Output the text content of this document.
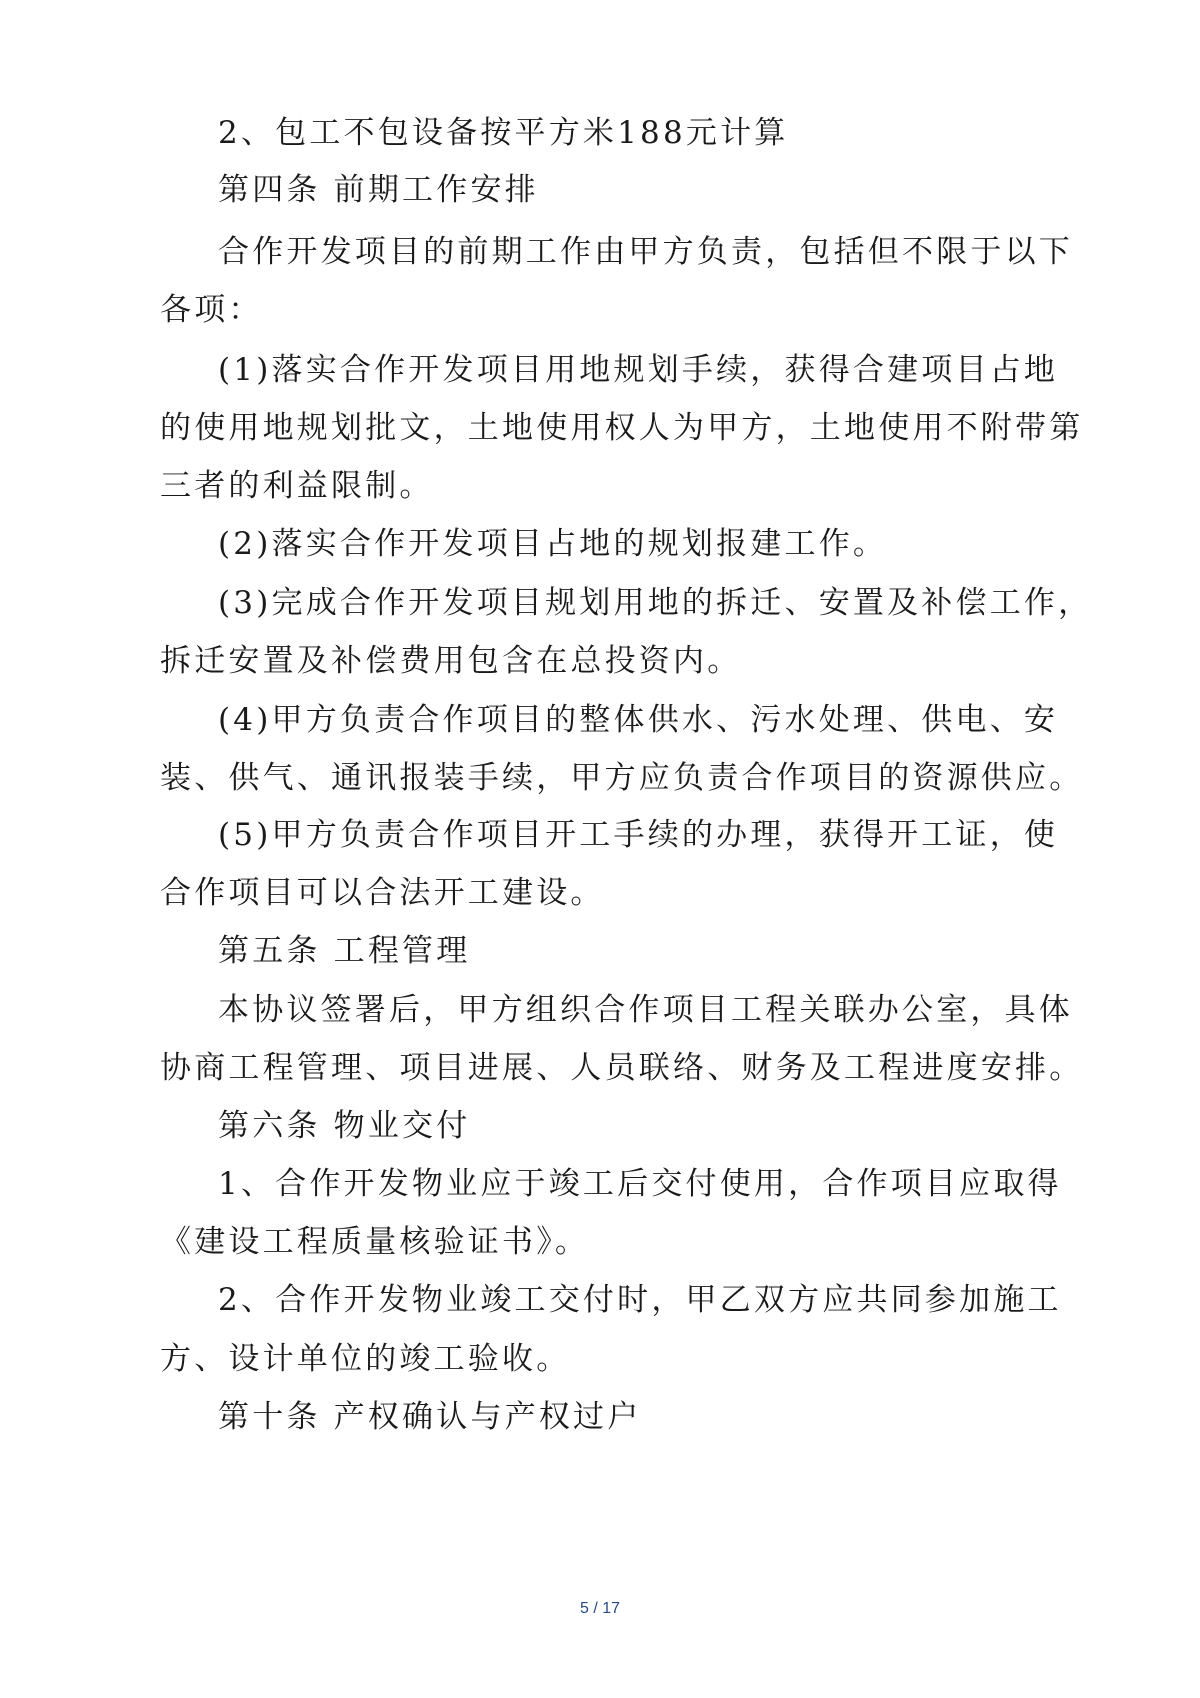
2、包工不包设备按平方米188元计算
第四条 前期工作安排
合作开发项目的前期工作由甲方负责，包括但不限于以下
各项：
(1)落实合作开发项目用地规划手续，获得合建项目占地
的使用地规划批文，土地使用权人为甲方，土地使用不附带第
三者的利益限制。
(2)落实合作开发项目占地的规划报建工作。
(3)完成合作开发项目规划用地的拆迁、安置及补偿工作，
拆迁安置及补偿费用包含在总投资内。
(4)甲方负责合作项目的整体供水、污水处理、供电、安
装、供气、通讯报装手续，甲方应负责合作项目的资源供应。
(5)甲方负责合作项目开工手续的办理，获得开工证，使
合作项目可以合法开工建设。
第五条 工程管理
本协议签署后，甲方组织合作项目工程关联办公室，具体
协商工程管理、项目进展、人员联络、财务及工程进度安排。
第六条 物业交付
1、合作开发物业应于竣工后交付使用，合作项目应取得
《建设工程质量核验证书》。
2、合作开发物业竣工交付时，甲乙双方应共同参加施工
方、设计单位的竣工验收。
第十条 产权确认与产权过户
5 / 17
